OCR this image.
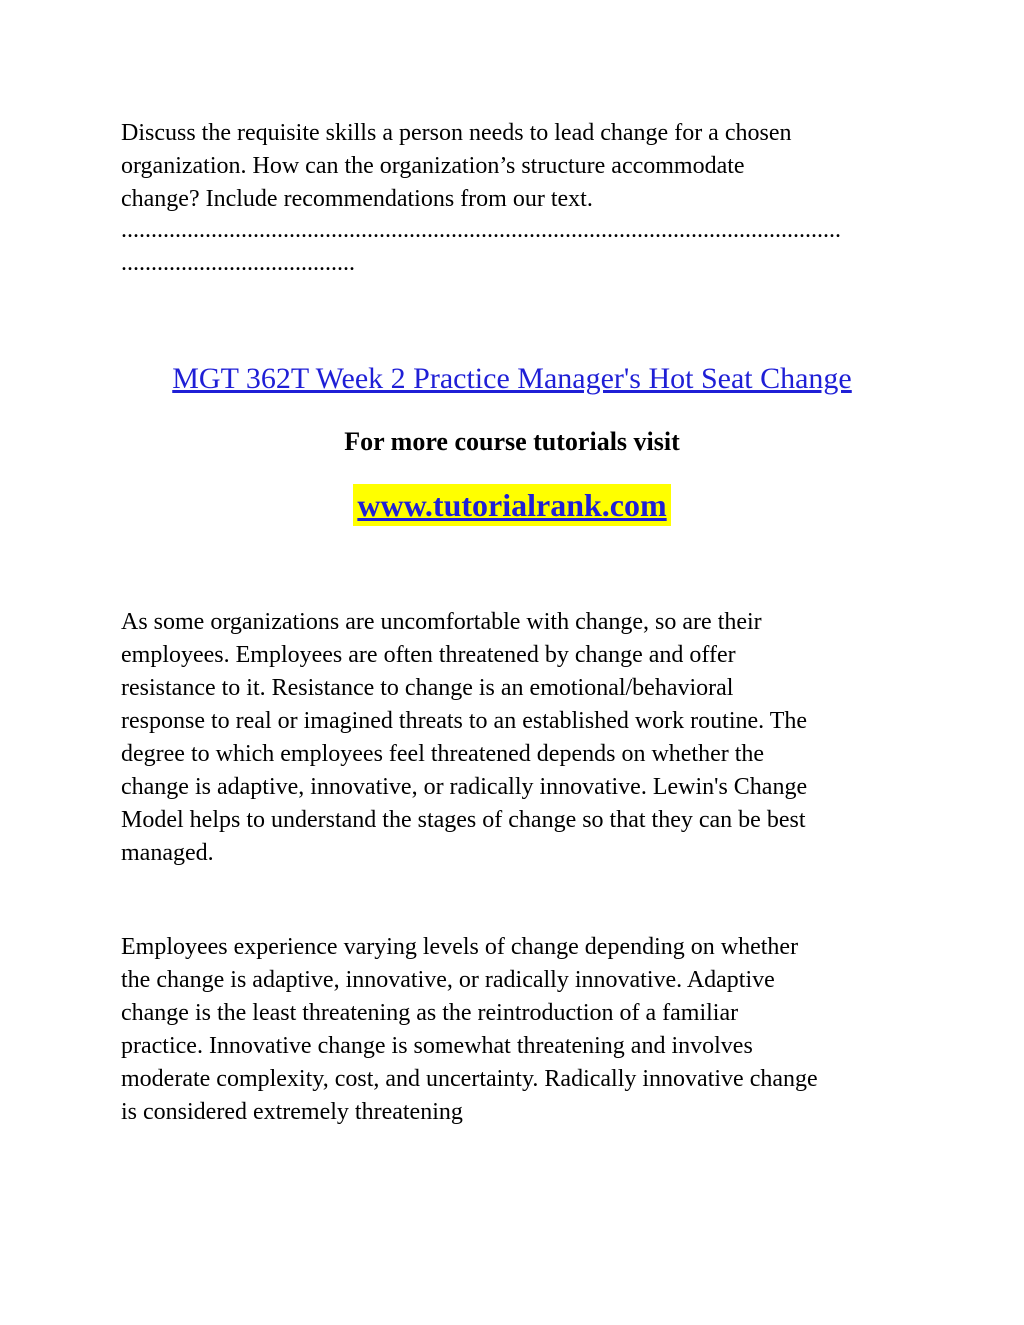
Discuss the requisite skills a person needs to lead change for a chosen
organization. How can the organization’s structure accommodate
change? Include recommendations from our text.

........................................................................................................................
.......................................
MGT 362T Week 2 Practice Manager's Hot Seat Change
For more course tutorials visit
www.tutorialrank.com

As some organizations are uncomfortable with change, so are their
employees. Employees are often threatened by change and offer
resistance to it. Resistance to change is an emotional/behavioral
response to real or imagined threats to an established work routine. The
degree to which employees feel threatened depends on whether the
change is adaptive, innovative, or radically innovative. Lewin's Change
Model helps to understand the stages of change so that they can be best
managed.

Employees experience varying levels of change depending on whether
the change is adaptive, innovative, or radically innovative. Adaptive
change is the least threatening as the reintroduction of a familiar
practice. Innovative change is somewhat threatening and involves
moderate complexity, cost, and uncertainty. Radically innovative change
is considered extremely threatening
